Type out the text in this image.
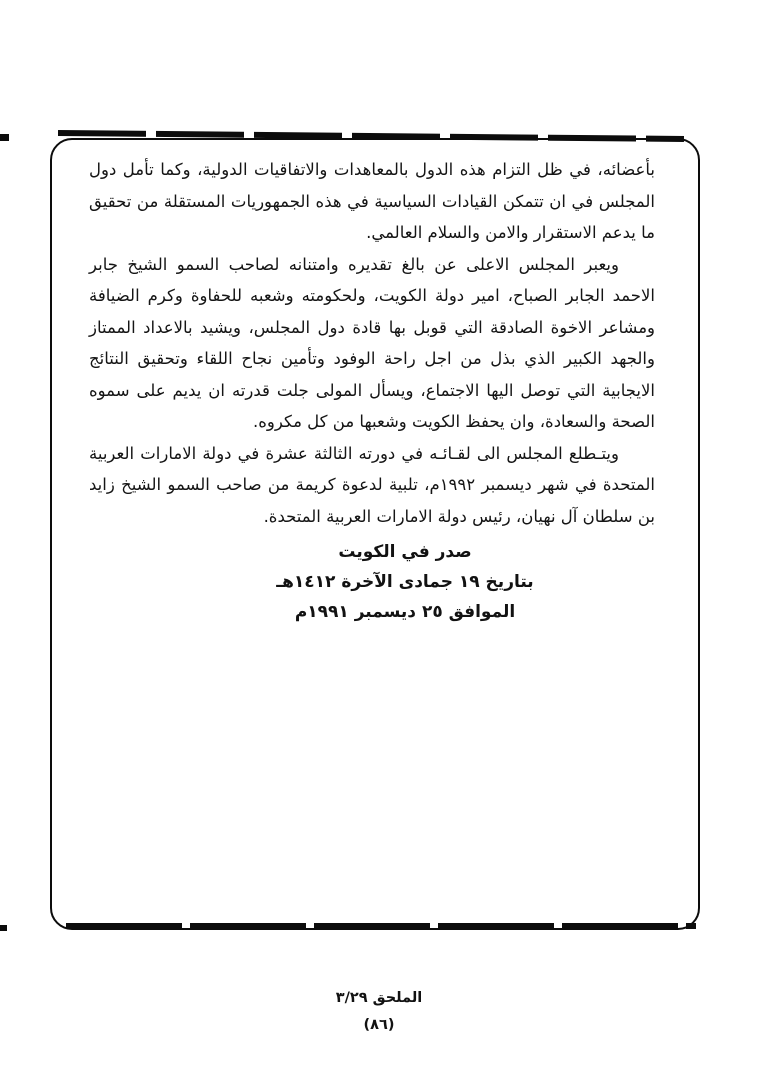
بأعضائه، في ظل التزام هذه الدول بالمعاهدات والاتفاقيات الدولية، وكما تأمل دول
المجلس في ان تتمكن القيادات السياسية في هذه الجمهوريات المستقلة من تحقيق
ما يدعم الاستقرار والامن والسلام العالمي.
ويعبر المجلس الاعلى عن بالغ تقديره وامتنانه لصاحب السمو الشيخ جابر
الاحمد الجابر الصباح، امير دولة الكويت، ولحكومته وشعبه للحفاوة وكرم الضيافة
ومشاعر الاخوة الصادقة التي قوبل بها قادة دول المجلس، ويشيد بالاعداد الممتاز
والجهد الكبير الذي بذل من اجل راحة الوفود وتأمين نجاح اللقاء وتحقيق النتائج
الايجابية التي توصل اليها الاجتماع، ويسأل المولى جلت قدرته ان يديم على سموه
الصحة والسعادة، وان يحفظ الكويت وشعبها من كل مكروه.
ويتـطلع المجلس الى لقـائـه في دورته الثالثة عشرة في دولة الامارات العربية
المتحدة في شهر ديسمبر ١٩٩٢م، تلبية لدعوة كريمة من صاحب السمو الشيخ زايد
بن سلطان آل نهيان، رئيس دولة الامارات العربية المتحدة.
صدر في الكويت
بتاريخ ١٩ جمادى الآخرة ١٤١٢هـ
الموافق ٢٥ ديسمبر ١٩٩١م
الملحق ٣/٢٩
(٨٦)
